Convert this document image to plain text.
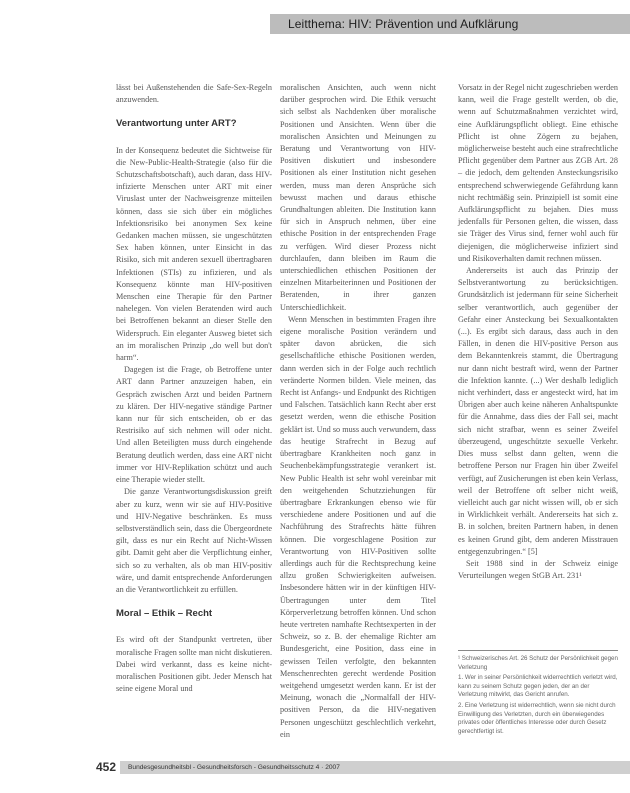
Leitthema: HIV: Prävention und Aufklärung

lässt bei Außenstehenden die Safe-Sex-Regeln anzuwenden.

Verantwortung unter ART?

In der Konsequenz bedeutet die Sichtweise für die New-Public-Health-Strategie (also für die Schutzschaftsbotschaft), auch daran, dass HIV-infizierte Menschen unter ART mit einer Viruslast unter der Nachweisgrenze mitteilen können, dass sie sich über ein mögliches Infektionsrisiko bei anonymen Sex keine Gedanken machen müssen, sie ungeschützten Sex haben können, unter Einsicht in das Risiko, sich mit anderen sexuell übertragbaren Infektionen (STIs) zu infizieren, und als Konsequenz könnte man HIV-positiven Menschen eine Therapie für den Partner nahelegen. Von vielen Beratenden wird auch bei Betroffenen bekannt an dieser Stelle den Widerspruch. Ein eleganter Ausweg bietet sich an im moralischen Prinzip „do well but don't harm“.

Dagegen ist die Frage, ob Betroffene unter ART dann Partner anzuzeigen haben, ein Gespräch zwischen Arzt und beiden Partnern zu klären. Der HIV-negative ständige Partner kann nur für sich entscheiden, ob er das Restrisiko auf sich nehmen will oder nicht. Und allen Beteiligten muss durch eingehende Beratung deutlich werden, dass eine ART nicht immer vor HIV-Replikation schützt und auch eine Therapie wieder stellt.

Die ganze Verantwortungsdiskussion greift aber zu kurz, wenn wir sie auf HIV-Positive und HIV-Negative beschränken. Es muss selbstverständlich sein, dass die Übergeordnete gilt, dass es nur ein Recht auf Nicht-Wissen gibt. Damit geht aber die Verpflichtung einher, sich so zu verhalten, als ob man HIV-positiv wäre, und damit entsprechende Anforderungen an die Verantwortlichkeit zu erfüllen.

Moral – Ethik – Recht

Es wird oft der Standpunkt vertreten, über moralische Fragen sollte man nicht diskutieren. Dabei wird verkannt, dass es keine nicht-moralischen Positionen gibt. Jeder Mensch hat seine eigene Moral und

moralischen Ansichten, auch wenn nicht darüber gesprochen wird. Die Ethik versucht sich selbst als Nachdenken über moralische Positionen und Ansichten. Wenn über die moralischen Ansichten und Meinungen zu Beratung und Verantwortung von HIV-Positiven diskutiert und insbesondere Positionen als einer Institution nicht gesehen werden, muss man deren Ansprüche sich bewusst machen und daraus ethische Grundhaltungen ableiten. Die Institution kann für sich in Anspruch nehmen, über eine ethische Position in der entsprechenden Frage zu verfügen. Wird dieser Prozess nicht durchlaufen, dann bleiben im Raum die unterschiedlichen ethischen Positionen der einzelnen Mitarbeiterinnen und Positionen der Beratenden, in ihrer ganzen Unterschiedlichkeit.

Wenn Menschen in bestimmten Fragen ihre eigene moralische Position verändern und später davon abrücken, die sich gesellschaftliche ethische Positionen werden, dann werden sich in der Folge auch rechtlich veränderte Normen bilden. Viele meinen, das Recht ist Anfangs- und Endpunkt des Richtigen und Falschen. Tatsächlich kann Recht aber erst gesetzt werden, wenn die ethische Position geklärt ist. Und so muss auch verwundern, dass das heutige Strafrecht in Bezug auf übertragbare Krankheiten noch ganz in Seuchenbekämpfungsstrategie verankert ist. New Public Health ist sehr wohl vereinbar mit den weitgehenden Schutzziehungen für übertragbare Erkrankungen ebenso wie für verschiedene andere Positionen und auf die Nachführung des Strafrechts hätte führen können. Die vorgeschlagene Position zur Verantwortung von HIV-Positiven sollte allerdings auch für die Rechtsprechung keine allzu großen Schwierigkeiten aufweisen. Insbesondere hätten wir in der künftigen HIV-Übertragungen unter dem Titel Körperverletzung betroffen können. Und schon heute vertreten namhafte Rechtsexperten in der Schweiz, so z. B. der ehemalige Richter am Bundesgericht, eine Position, dass eine in gewissen Teilen verfolgte, den bekannten Menschenrechten gerecht werdende Position weitgehend umgesetzt werden kann. Er ist der Meinung, wonach die „Normalfall der HIV-positiven Person, da die HIV-negativen Personen ungeschützt geschlechtlich verkehrt, ein

Vorsatz in der Regel nicht zugeschrieben werden kann, weil die Frage gestellt werden, ob die, wenn auf Schutzmaßnahmen verzichtet wird, eine Aufklärungspflicht obliegt. Eine ethische Pflicht ist ohne Zögern zu bejahen, möglicherweise besteht auch eine strafrechtliche Pflicht gegenüber dem Partner aus ZGB Art. 28 – die jedoch, dem geltenden Ansteckungsrisiko entsprechend schwerwiegende Gefährdung kann nicht rechtmäßig sein. Prinzipiell ist somit eine Aufklärungspflicht zu bejahen. Dies muss jedenfalls für Personen gelten, die wissen, dass sie Träger des Virus sind, ferner wohl auch für diejenigen, die möglicherweise infiziert sind und Risikoverhalten damit rechnen müssen.

Andererseits ist auch das Prinzip der Selbstverantwortung zu berücksichtigen. Grundsätzlich ist jedermann für seine Sicherheit selber verantwortlich, auch gegenüber der Gefahr einer Ansteckung bei Sexualkontakten (...). Es ergibt sich daraus, dass auch in den Fällen, in denen die HIV-positive Person aus dem Bekanntenkreis stammt, die Übertragung nur dann nicht bestraft wird, wenn der Partner die Infektion kannte. (...) Wer deshalb lediglich nicht verhindert, dass er angesteckt wird, hat im Übrigen aber auch keine näheren Anhaltspunkte für die Annahme, dass dies der Fall sei, macht sich nicht strafbar, wenn es seiner Zweifel überzeugend, ungeschützte sexuelle Verkehr. Dies muss selbst dann gelten, wenn die betroffene Person nur Fragen hin über Zweifel verfügt, auf Zusicherungen ist eben kein Verlass, weil der Betroffene oft selber nicht weiß, vielleicht auch gar nicht wissen will, ob er sich in Wirklichkeit verhält. Andererseits hat sich z. B. in solchen, breiten Partnern haben, in denen es keinen Grund gibt, dem anderen Misstrauen entgegenzubringen.“ [5]

Seit 1988 sind in der Schweiz einige Verurteilungen wegen StGB Art. 231¹

¹ Schweizerisches Art. 26 Schutz der Persönlichkeit gegen Verletzung

1. Wer in seiner Persönlichkeit widerrechtlich verletzt wird, kann zu seinem Schutz gegen jeden, der an der Verletzung mitwirkt, das Gericht anrufen.

2. Eine Verletzung ist widerrechtlich, wenn sie nicht durch Einwilligung des Verletzten, durch ein überwiegendes privates oder öffentliches Interesse oder durch Gesetz gerechtfertigt ist.

452 Bundesgesundheitsbl - Gesundheitsforsch - Gesundheitsschutz 4 · 2007
